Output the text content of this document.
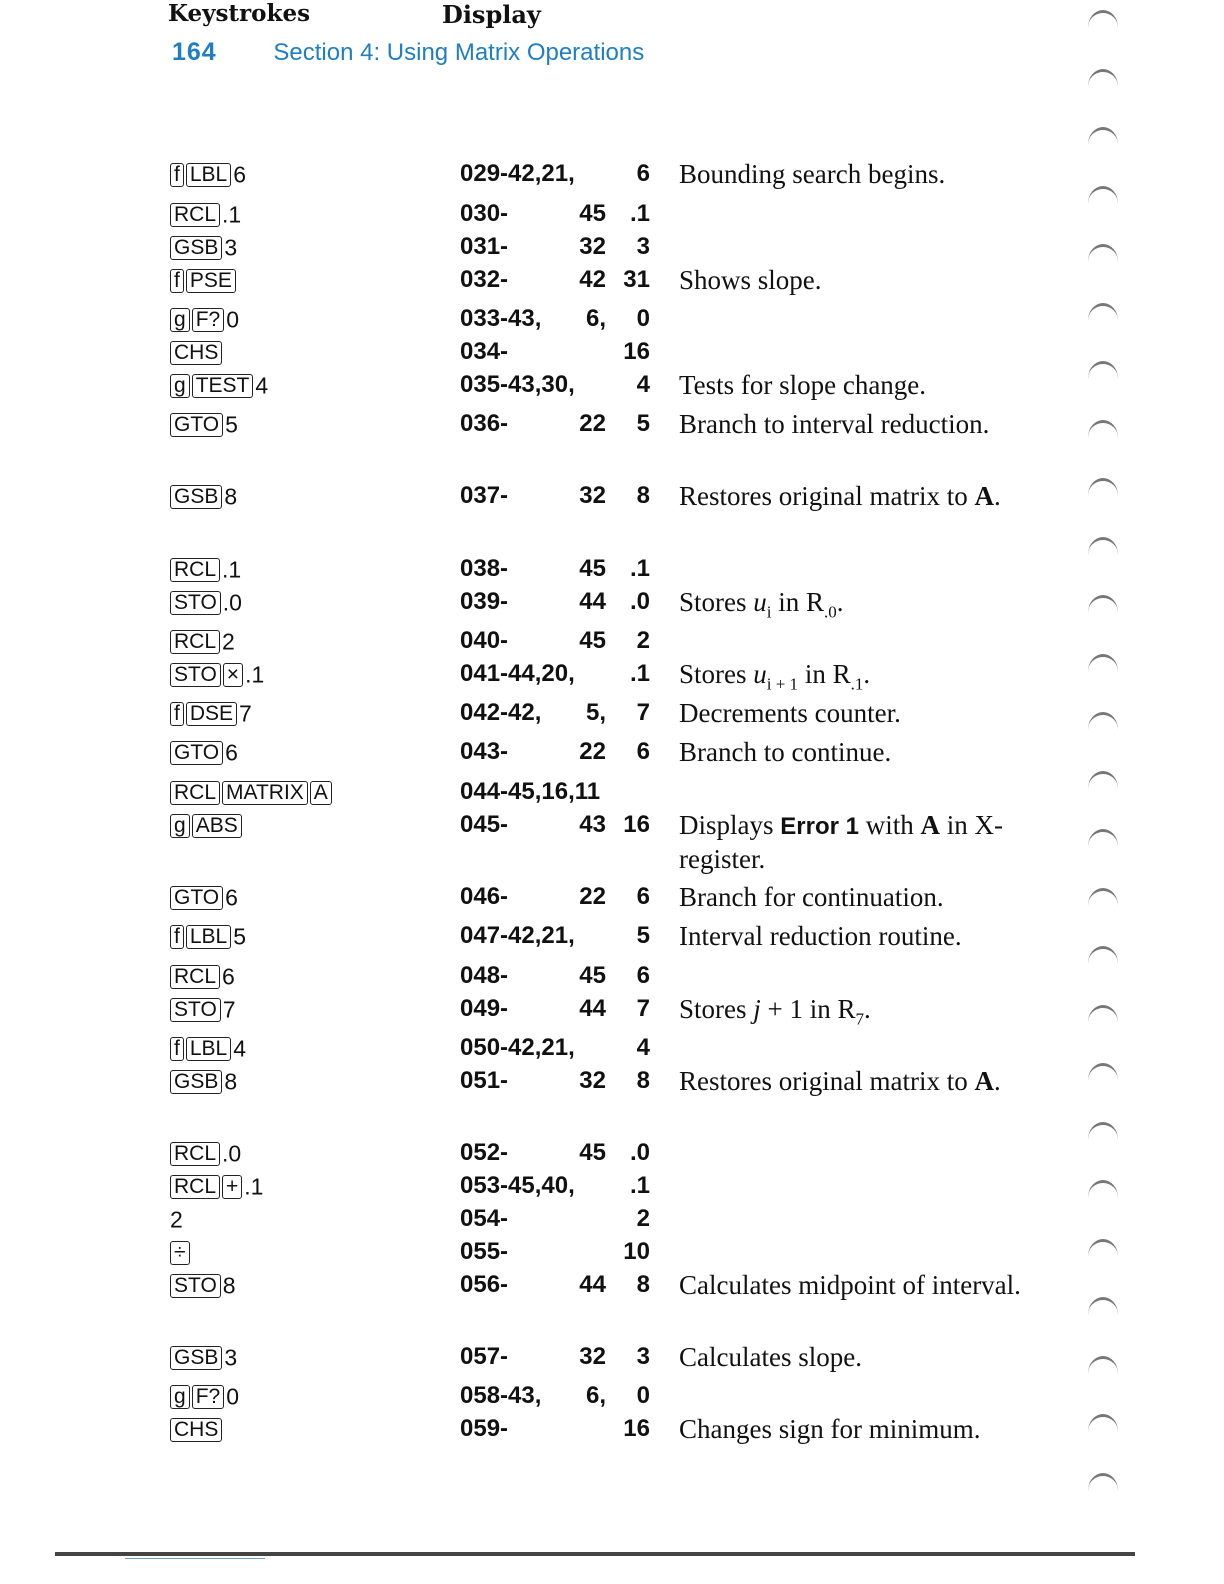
164 Section 4: Using Matrix Operations
Keystrokes	Display
f LBL 6	029-42,21,	6 Bounding search begins.
RCL .1	030-	45 .1
GSB 3	031-	32	3
f PSE	032-	42 31 Shows slope.
g F? 0	033-43,	6,	0
CHS	034-	16
g TEST 4	035-43,30,	4 Tests for slope change.
GTO 5	036-	22	5 Branch to interval reduction.
GSB 8	037-	32	8 Restores original matrix to A.
RCL .1	038-	45 .1
STO .0	039-	44 .0 Stores $u_i$ in $R_{.0}$.
RCL 2	040-	45	2
STO × .1	041-44,20,	.1 Stores $u_{i + 1}$ in $R_{.1}$.
f DSE 7	042-42,	5,	7 Decrements counter.
GTO 6	043-	22	6 Branch to continue.
RCL MATRIX A	044-45,16,11
g ABS	045-	43 16 Displays Error 1 with A in X-register.
GTO 6	046-	22	6 Branch for continuation.
f LBL 5	047-42,21,	5 Interval reduction routine.
RCL 6	048-	45	6
STO 7	049-	44	7 Stores j + 1 in $R_7$.
f LBL 4	050-42,21,	4
GSB 8	051-	32	8 Restores original matrix to A.
RCL .0	052-	45 .0
RCL + .1	053-45,40,	.1
2	054-	2
÷	055-	10
STO 8	056-	44	8 Calculates midpoint of interval.
GSB 3	057-	32	3 Calculates slope.
g F? 0	058-43,	6,	0
CHS	059-	16 Changes sign for minimum.
